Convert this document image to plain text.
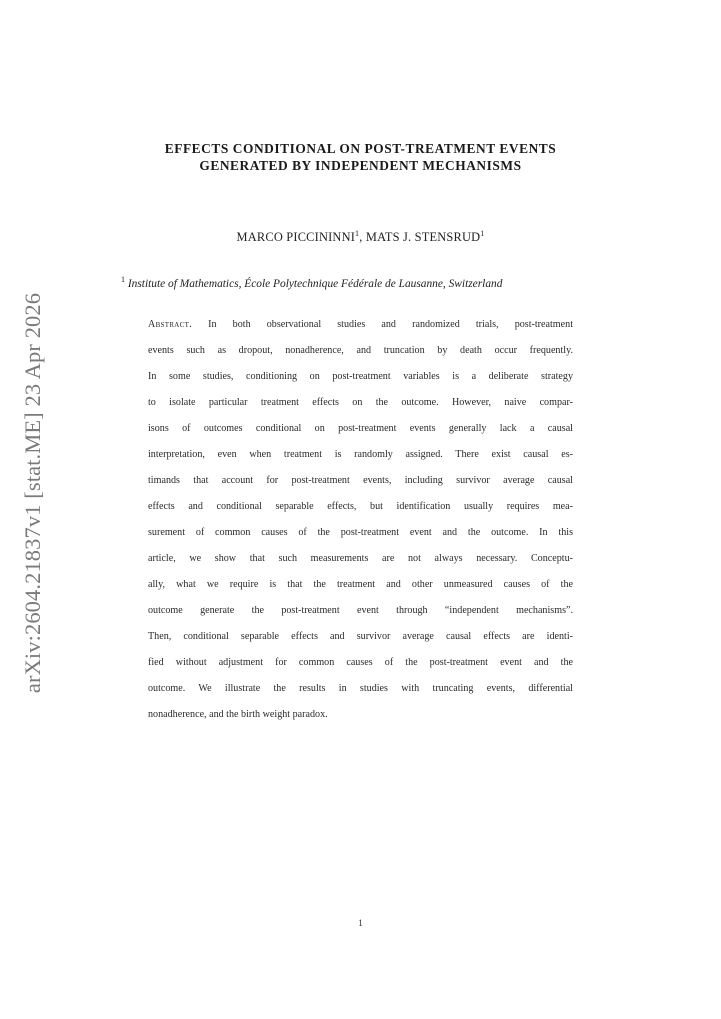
arXiv:2604.21837v1 [stat.ME] 23 Apr 2026
EFFECTS CONDITIONAL ON POST-TREATMENT EVENTS
GENERATED BY INDEPENDENT MECHANISMS
MARCO PICCININNI$^1$, MATS J. STENSRUD$^1$
$^1$ Institute of Mathematics, École Polytechnique Fédérale de Lausanne, Switzerland
Abstract. In both observational studies and randomized trials, post-treatment
events such as dropout, nonadherence, and truncation by death occur frequently.
In some studies, conditioning on post-treatment variables is a deliberate strategy
to isolate particular treatment effects on the outcome. However, naive compar-
isons of outcomes conditional on post-treatment events generally lack a causal
interpretation, even when treatment is randomly assigned. There exist causal es-
timands that account for post-treatment events, including survivor average causal
effects and conditional separable effects, but identification usually requires mea-
surement of common causes of the post-treatment event and the outcome. In this
article, we show that such measurements are not always necessary. Conceptu-
ally, what we require is that the treatment and other unmeasured causes of the
outcome generate the post-treatment event through “independent mechanisms”.
Then, conditional separable effects and survivor average causal effects are identi-
fied without adjustment for common causes of the post-treatment event and the
outcome. We illustrate the results in studies with truncating events, differential
nonadherence, and the birth weight paradox.
1
